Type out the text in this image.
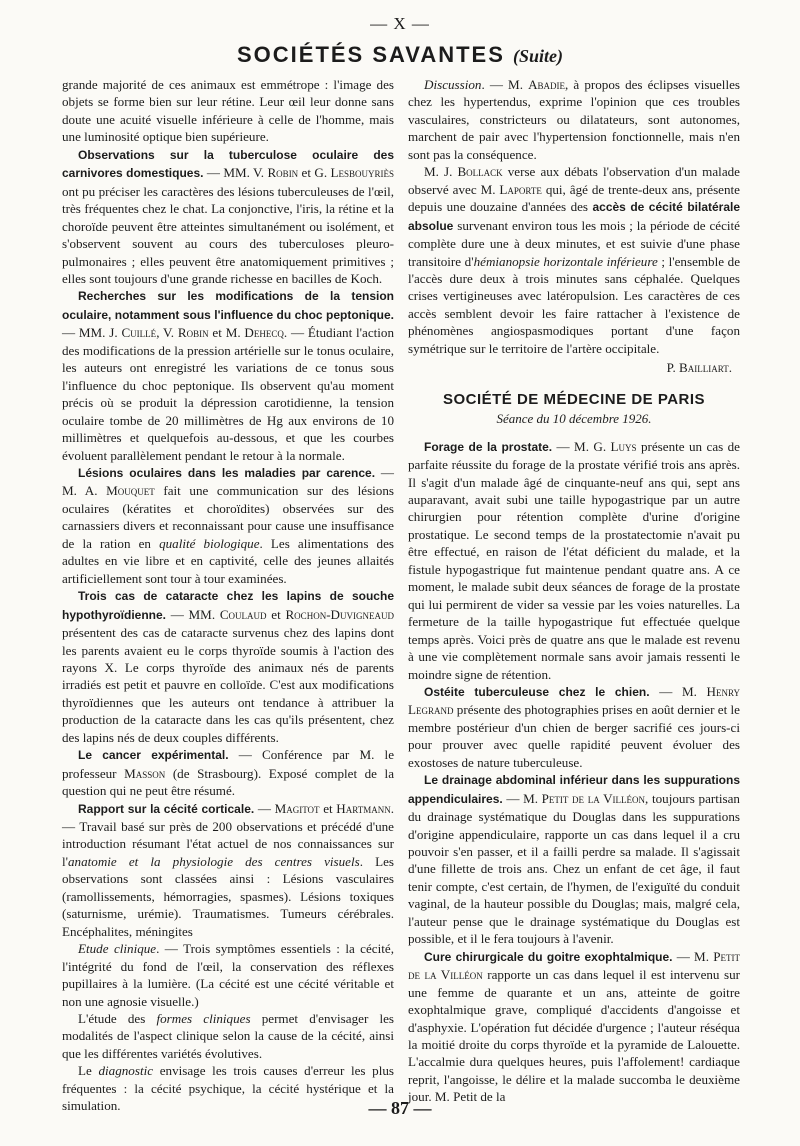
— X —
SOCIÉTÉS SAVANTES (Suite)

grande majorité de ces animaux est emmétrope : l'image des objets se forme bien sur leur rétine. Leur œil leur donne sans doute une acuité visuelle inférieure à celle de l'homme, mais une luminosité optique bien supérieure.

Observations sur la tuberculose oculaire des carnivores domestiques. — MM. V. Robin et G. Lesbouyriès ont pu préciser les caractères des lésions tuberculeuses de l'œil, très fréquentes chez le chat. La conjonctive, l'iris, la rétine et la choroïde peuvent être atteintes simultanément ou isolément, et s'observent souvent au cours des tuberculoses pleuro-pulmonaires ; elles peuvent être anatomiquement primitives ; elles sont toujours d'une grande richesse en bacilles de Koch.

Recherches sur les modifications de la tension oculaire, notamment sous l'influence du choc peptonique. — MM. J. Cuillé, V. Robin et M. Dehecq. — Étudiant l'action des modifications de la pression artérielle sur le tonus oculaire, les auteurs ont enregistré les variations de ce tonus sous l'influence du choc peptonique. Ils observent qu'au moment précis où se produit la dépression carotidienne, la tension oculaire tombe de 20 millimètres de Hg aux environs de 10 millimètres et quelquefois au-dessous, et que les courbes évoluent parallèlement pendant le retour à la normale.

Lésions oculaires dans les maladies par carence. — M. A. Mouquet fait une communication sur des lésions oculaires (kératites et choroïdites) observées sur des carnassiers divers et reconnaissant pour cause une insuffisance de la ration en qualité biologique. Les alimentations des adultes en vie libre et en captivité, celle des jeunes allaités artificiellement sont tour à tour examinées.

Trois cas de cataracte chez les lapins de souche hypothyroïdienne. — MM. Coulaud et Rochon-Duvigneaud présentent des cas de cataracte survenus chez des lapins dont les parents avaient eu le corps thyroïde soumis à l'action des rayons X. Le corps thyroïde des animaux nés de parents irradiés est petit et pauvre en colloïde. C'est aux modifications thyroïdiennes que les auteurs ont tendance à attribuer la production de la cataracte dans les cas qu'ils présentent, chez des lapins nés de deux couples différents.

Le cancer expérimental. — Conférence par M. le professeur Masson (de Strasbourg). Exposé complet de la question qui ne peut être résumé.

Rapport sur la cécité corticale. — Magitot et Hartmann. — Travail basé sur près de 200 observations et précédé d'une introduction résumant l'état actuel de nos connaissances sur l'anatomie et la physiologie des centres visuels. Les observations sont classées ainsi : Lésions vasculaires (ramollissements, hémorragies, spasmes). Lésions toxiques (saturnisme, urémie). Traumatismes. Tumeurs cérébrales. Encéphalites, méningites

Etude clinique. — Trois symptômes essentiels : la cécité, l'intégrité du fond de l'œil, la conservation des réflexes pupillaires à la lumière. (La cécité est une cécité véritable et non une agnosie visuelle.)

L'étude des formes cliniques permet d'envisager les modalités de l'aspect clinique selon la cause de la cécité, ainsi que les différentes variétés évolutives.

Le diagnostic envisage les trois causes d'erreur les plus fréquentes : la cécité psychique, la cécité hystérique et la simulation.

Discussion. — M. Abadie, à propos des éclipses visuelles chez les hypertendus, exprime l'opinion que ces troubles vasculaires, constricteurs ou dilatateurs, sont autonomes, marchent de pair avec l'hypertension fonctionnelle, mais n'en sont pas la conséquence.

M. J. Bollack verse aux débats l'observation d'un malade observé avec M. Laporte qui, âgé de trente-deux ans, présente depuis une douzaine d'années des accès de cécité bilatérale absolue survenant environ tous les mois ; la période de cécité complète dure une à deux minutes, et est suivie d'une phase transitoire d'hémianopsie horizontale inférieure ; l'ensemble de l'accès dure deux à trois minutes sans céphalée. Quelques crises vertigineuses avec latéropulsion. Les caractères de ces accès semblent devoir les faire rattacher à l'existence de phénomènes angiospasmodiques portant d'une façon symétrique sur le territoire de l'artère occipitale.

P. Bailliart.
SOCIÉTÉ DE MÉDECINE DE PARIS
Séance du 10 décembre 1926.

Forage de la prostate. — M. G. Luys présente un cas de parfaite réussite du forage de la prostate vérifié trois ans après. Il s'agit d'un malade âgé de cinquante-neuf ans qui, sept ans auparavant, avait subi une taille hypogastrique par un autre chirurgien pour rétention complète d'urine d'origine prostatique. Le second temps de la prostatectomie n'avait pu être effectué, en raison de l'état déficient du malade, et la fistule hypogastrique fut maintenue pendant quatre ans. A ce moment, le malade subit deux séances de forage de la prostate qui lui permirent de vider sa vessie par les voies naturelles. La fermeture de la taille hypogastrique fut effectuée quelque temps après. Voici près de quatre ans que le malade est revenu à une vie complètement normale sans avoir jamais ressenti le moindre signe de rétention.

Ostéite tuberculeuse chez le chien. — M. Henry Legrand présente des photographies prises en août dernier et le membre postérieur d'un chien de berger sacrifié ces jours-ci pour prouver avec quelle rapidité peuvent évoluer des exostoses de nature tuberculeuse.

Le drainage abdominal inférieur dans les suppurations appendiculaires. — M. Petit de la Villéon, toujours partisan du drainage systématique du Douglas dans les suppurations d'origine appendiculaire, rapporte un cas dans lequel il a cru pouvoir s'en passer, et il a failli perdre sa malade. Il s'agissait d'une fillette de trois ans. Chez un enfant de cet âge, il faut tenir compte, c'est certain, de l'hymen, de l'exiguïté du conduit vaginal, de la hauteur possible du Douglas; mais, malgré cela, l'auteur pense que le drainage systématique du Douglas est possible, et il le fera toujours à l'avenir.

Cure chirurgicale du goitre exophtalmique. — M. Petit de la Villéon rapporte un cas dans lequel il est intervenu sur une femme de quarante et un ans, atteinte de goitre exophtalmique grave, compliqué d'accidents d'angoisse et d'asphyxie. L'opération fut décidée d'urgence ; l'auteur réséqua la moitié droite du corps thyroïde et la pyramide de Lalouette. L'accalmie dura quelques heures, puis l'affolement! cardiaque reprit, l'angoisse, le délire et la malade succomba le deuxième jour. M. Petit de la

— 87 —
